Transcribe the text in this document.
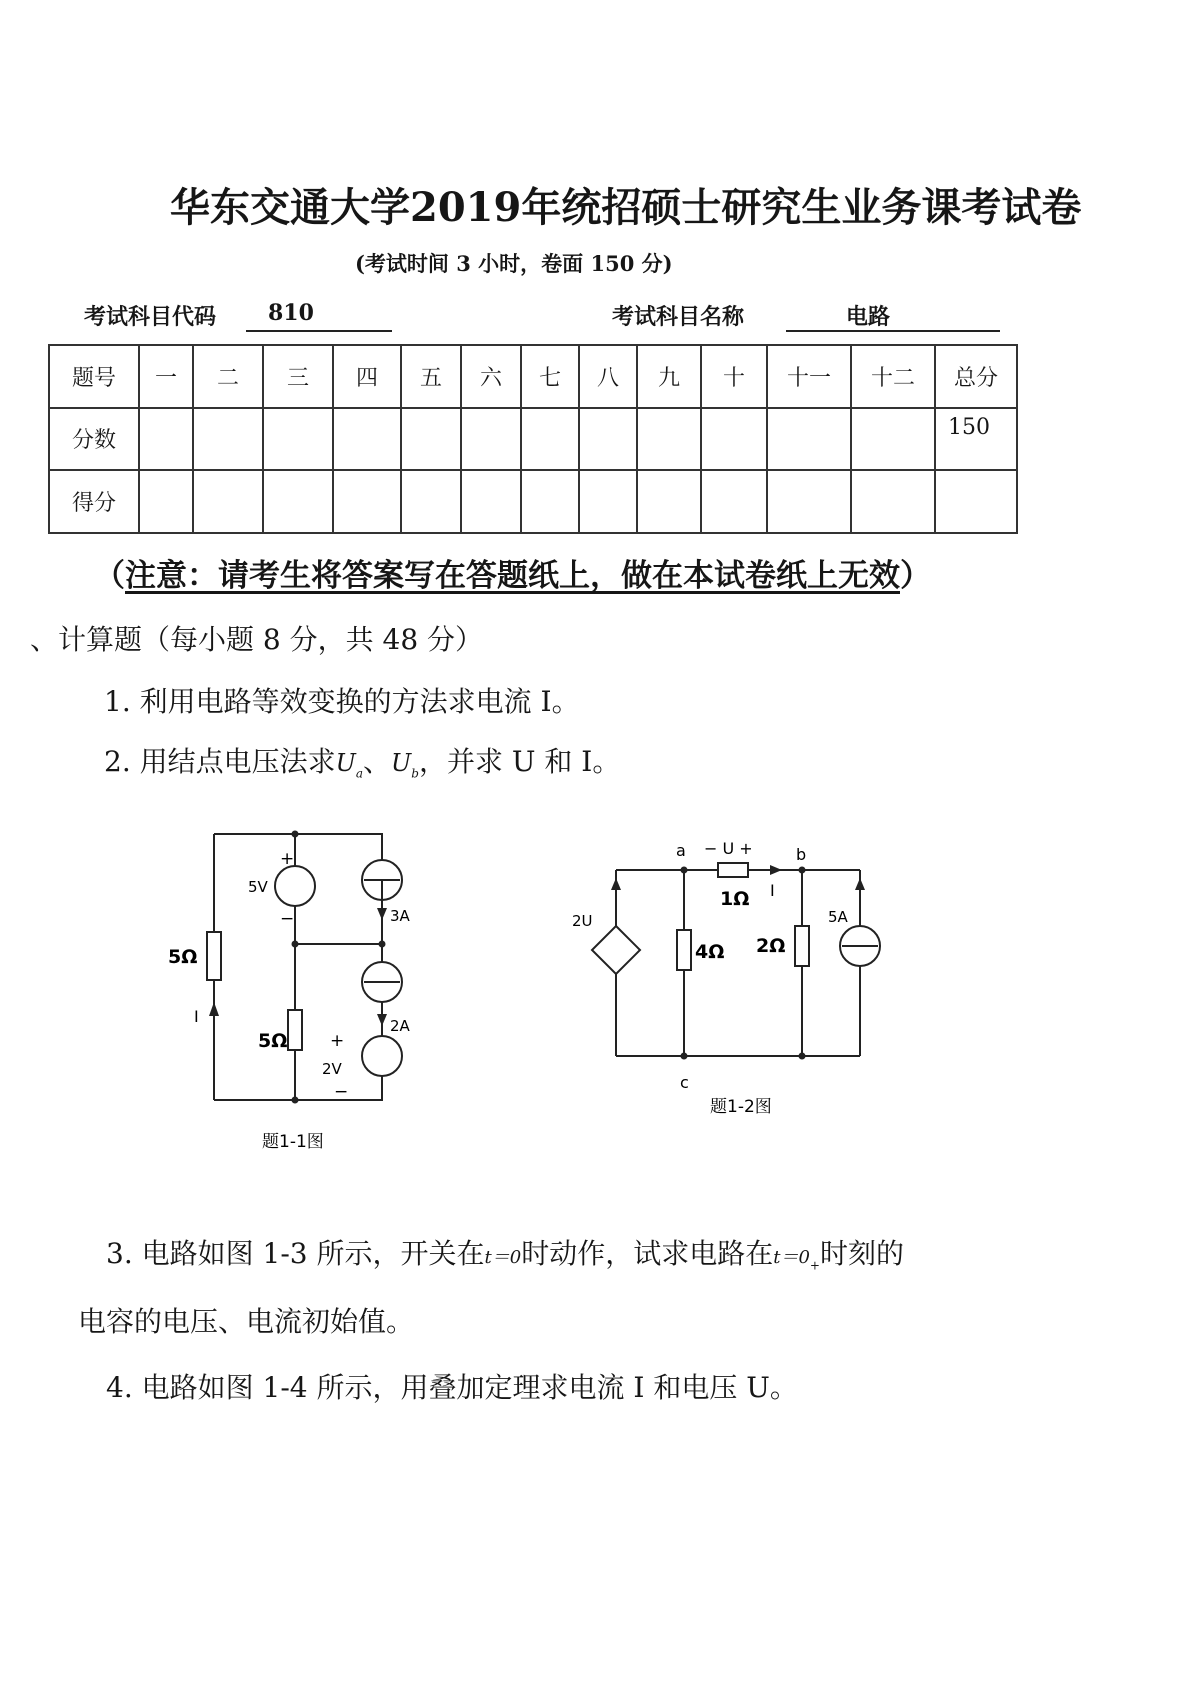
华东交通大学2019年统招硕士研究生业务课考试卷
(考试时间 3 小时，卷面 150 分)
考试科目代码	810	考试科目名称	电路
题号	一	二	三	四	五	六	七	八	九	十	十一	十二	总分
分数													150
得分													
（注意：请考生将答案写在答题纸上，做在本试卷纸上无效）
、计算题（每小题 8 分，共 48 分）
1. 利用电路等效变换的方法求电流 I。
2. 用结点电压法求$U_a$、$U_b$，并求 U 和 I。
5Ω
5Ω
5V
+
−	3A
2A
+
2V
−
I
题1-1图
a	b
c
− U +
1Ω I
2U
4Ω 2Ω
5A
题1-2图
3. 电路如图 1-3 所示，开关在t＝0时动作，试求电路在$t=0_+$时刻的
电容的电压、电流初始值。
4. 电路如图 1-4 所示，用叠加定理求电流 I 和电压 U。
